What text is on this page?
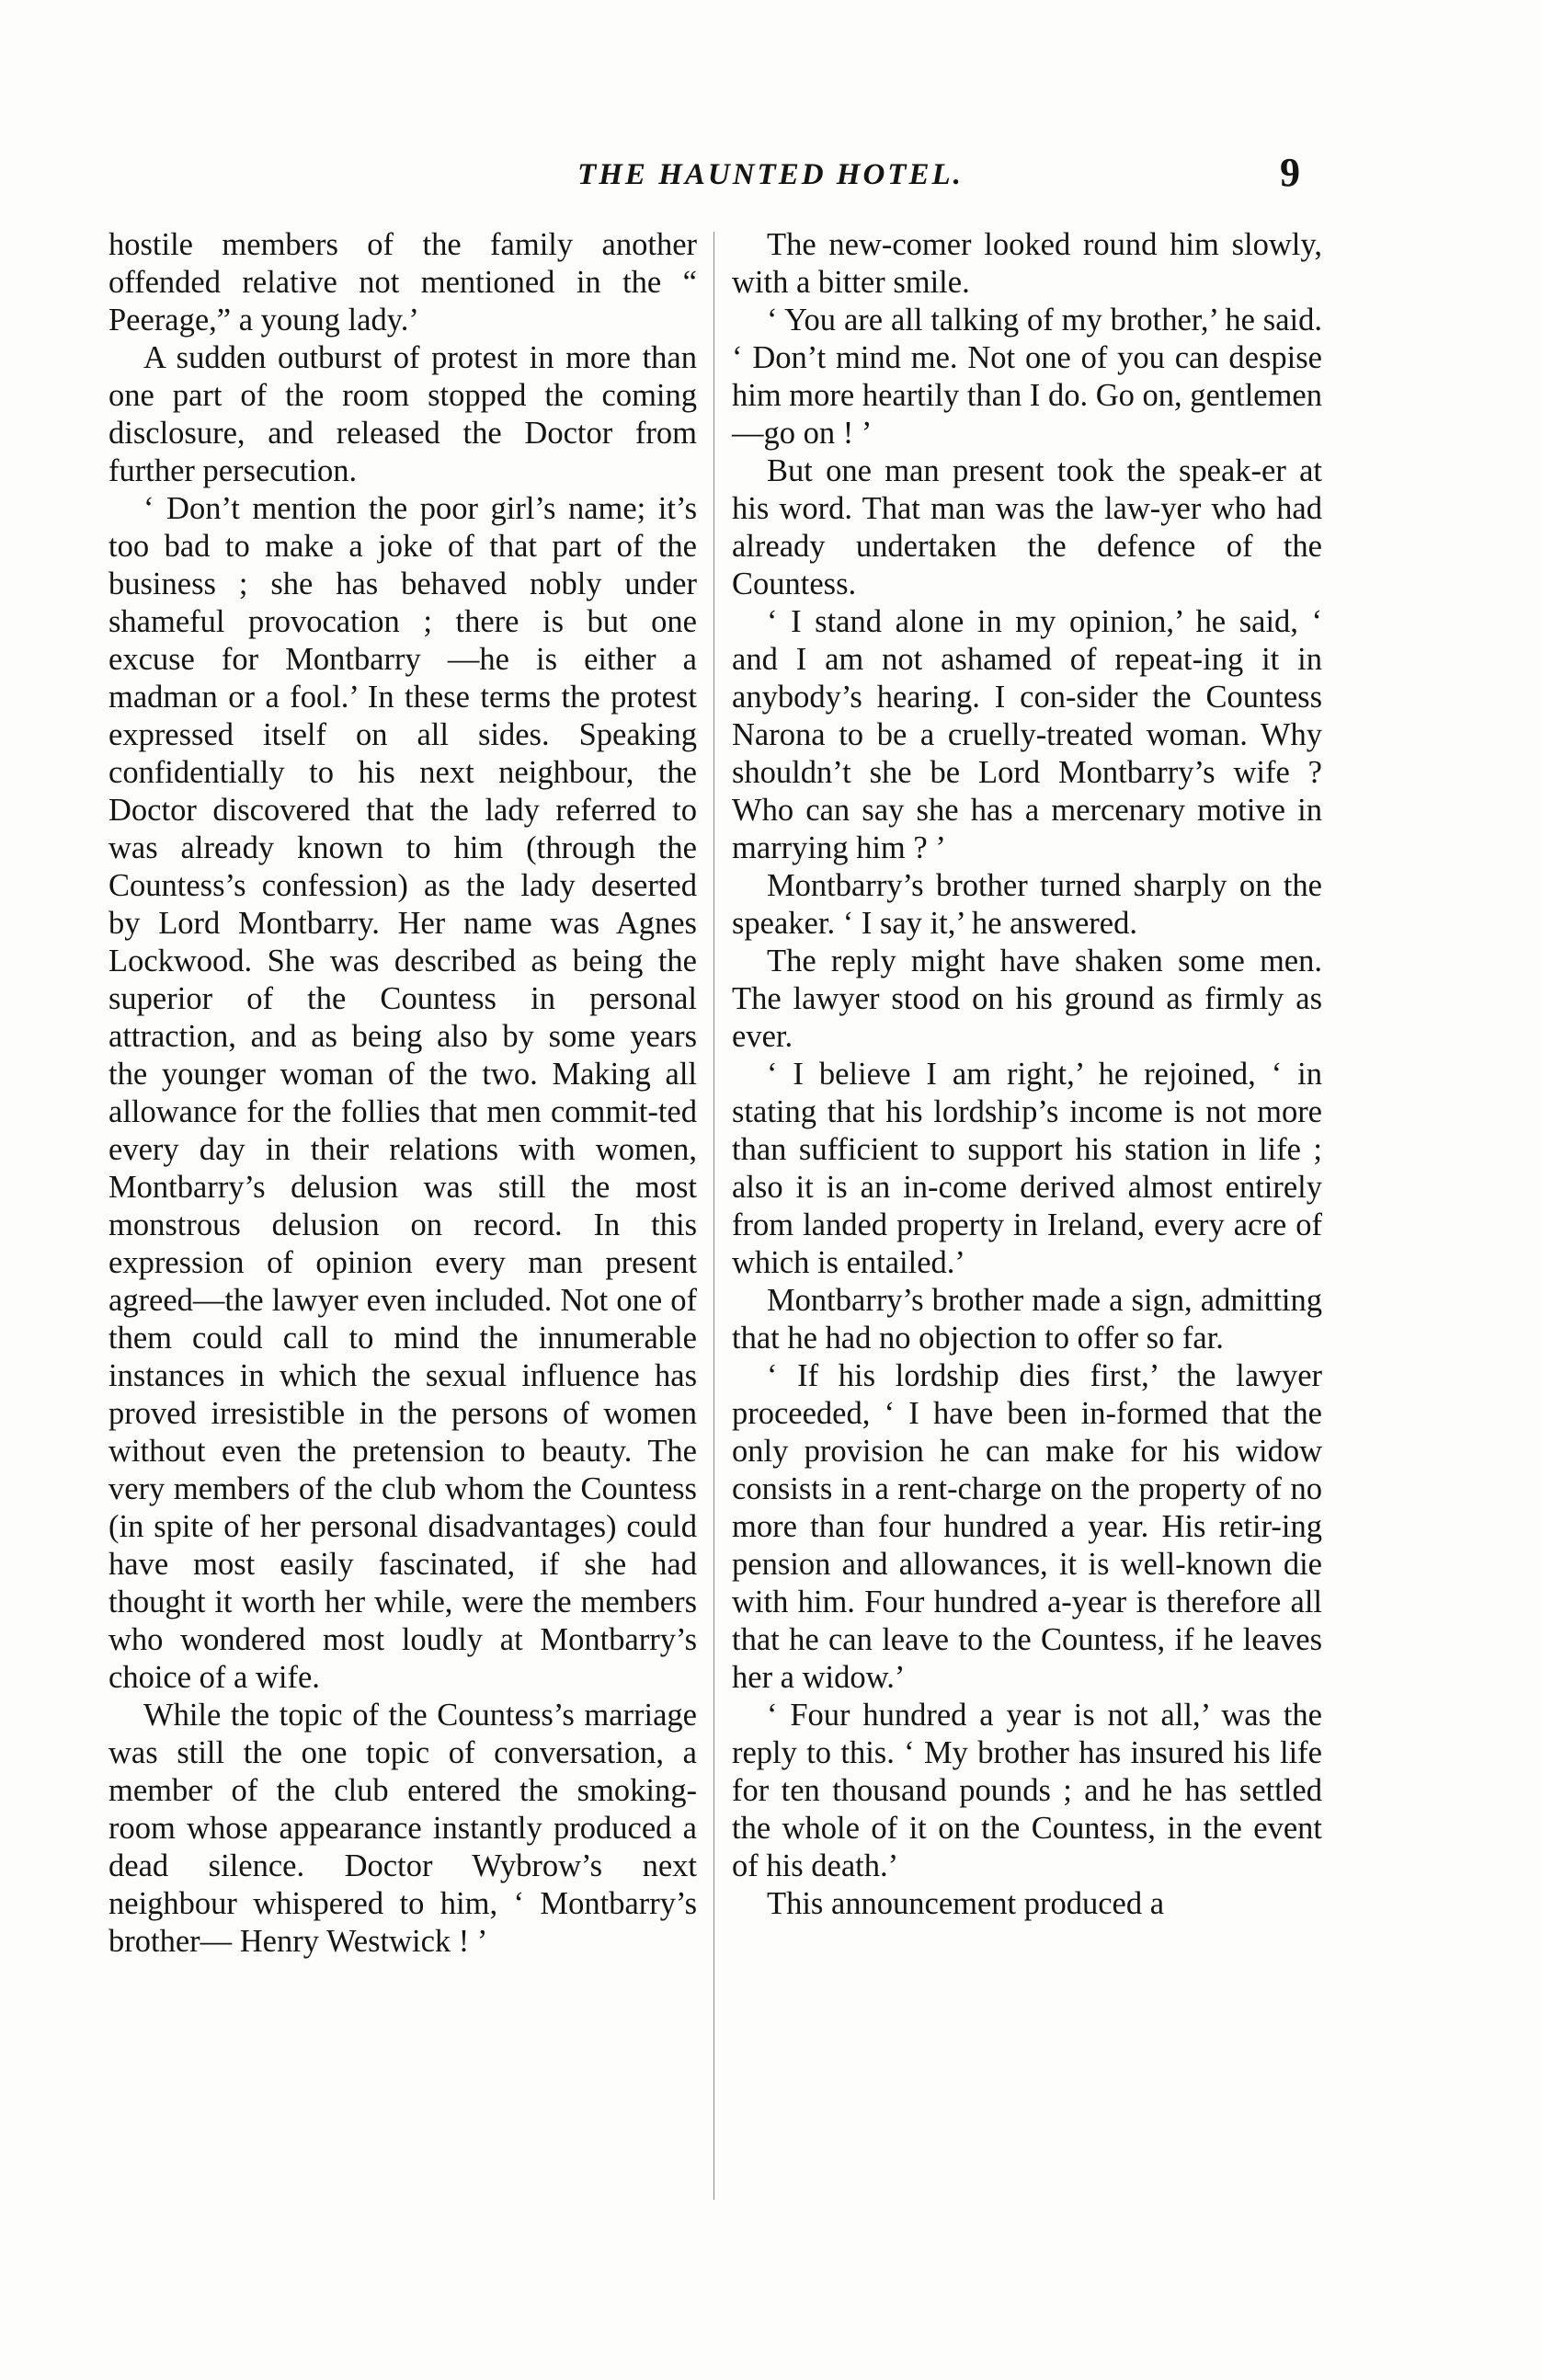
THE HAUNTED HOTEL.	9

hostile members of the family another offended relative not mentioned in the “ Peerage,” a young lady.’

A sudden outburst of protest in more than one part of the room stopped the coming disclosure, and released the Doctor from further persecution.

‘ Don’t mention the poor girl’s name; it’s too bad to make a joke of that part of the business ; she has behaved nobly under shameful provocation ; there is but one excuse for Montbarry —he is either a madman or a fool.’ In these terms the protest expressed itself on all sides. Speaking confidentially to his next neighbour, the Doctor discovered that the lady referred to was already known to him (through the Countess’s confession) as the lady deserted by Lord Montbarry. Her name was Agnes Lockwood. She was described as being the superior of the Countess in personal attraction, and as being also by some years the younger woman of the two. Making all allowance for the follies that men commit-ted every day in their relations with women, Montbarry’s delusion was still the most monstrous delusion on record. In this expression of opinion every man present agreed—the lawyer even included. Not one of them could call to mind the innumerable instances in which the sexual influence has proved irresistible in the persons of women without even the pretension to beauty. The very members of the club whom the Countess (in spite of her personal disadvantages) could have most easily fascinated, if she had thought it worth her while, were the members who wondered most loudly at Montbarry’s choice of a wife.

While the topic of the Countess’s marriage was still the one topic of conversation, a member of the club entered the smoking-room whose appearance instantly produced a dead silence. Doctor Wybrow’s next neighbour whispered to him, ‘ Montbarry’s brother— Henry Westwick ! ’

The new-comer looked round him slowly, with a bitter smile.

‘ You are all talking of my brother,’ he said. ‘ Don’t mind me. Not one of you can despise him more heartily than I do. Go on, gentlemen—go on ! ’

But one man present took the speak-er at his word. That man was the law-yer who had already undertaken the defence of the Countess.

‘ I stand alone in my opinion,’ he said, ‘ and I am not ashamed of repeat-ing it in anybody’s hearing. I con-sider the Countess Narona to be a cruelly-treated woman. Why shouldn’t she be Lord Montbarry’s wife ? Who can say she has a mercenary motive in marrying him ? ’

Montbarry’s brother turned sharply on the speaker. ‘ I say it,’ he answered.

The reply might have shaken some men. The lawyer stood on his ground as firmly as ever.

‘ I believe I am right,’ he rejoined, ‘ in stating that his lordship’s income is not more than sufficient to support his station in life ; also it is an in-come derived almost entirely from landed property in Ireland, every acre of which is entailed.’

Montbarry’s brother made a sign, admitting that he had no objection to offer so far.

‘ If his lordship dies first,’ the lawyer proceeded, ‘ I have been in-formed that the only provision he can make for his widow consists in a rent-charge on the property of no more than four hundred a year. His retir-ing pension and allowances, it is well-known die with him. Four hundred a-year is therefore all that he can leave to the Countess, if he leaves her a widow.’

‘ Four hundred a year is not all,’ was the reply to this. ‘ My brother has insured his life for ten thousand pounds ; and he has settled the whole of it on the Countess, in the event of his death.’

This announcement produced a
